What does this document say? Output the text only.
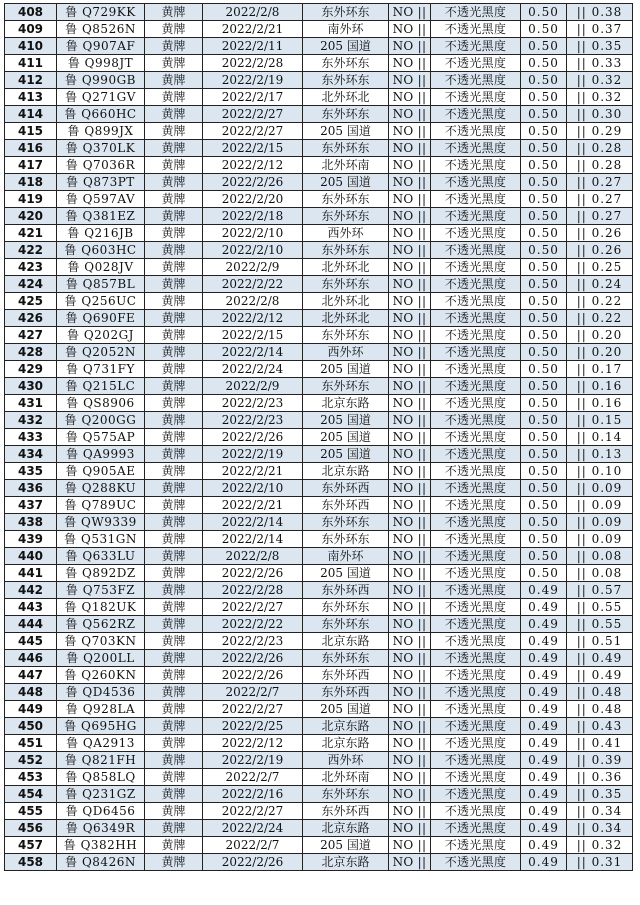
408	鲁 Q729KK	黄牌	2022/2/8	东外环东	NO ||	不透光黑度	0.50	|| 0.38
409	鲁 Q8526N	黄牌	2022/2/21	南外环	NO ||	不透光黑度	0.50	|| 0.37
410	鲁 Q907AF	黄牌	2022/2/11	205 国道	NO ||	不透光黑度	0.50	|| 0.35
411	鲁 Q998JT	黄牌	2022/2/28	东外环东	NO ||	不透光黑度	0.50	|| 0.33
412	鲁 Q990GB	黄牌	2022/2/19	东外环东	NO ||	不透光黑度	0.50	|| 0.32
413	鲁 Q271GV	黄牌	2022/2/17	北外环北	NO ||	不透光黑度	0.50	|| 0.32
414	鲁 Q660HC	黄牌	2022/2/27	东外环东	NO ||	不透光黑度	0.50	|| 0.30
415	鲁 Q899JX	黄牌	2022/2/27	205 国道	NO ||	不透光黑度	0.50	|| 0.29
416	鲁 Q370LK	黄牌	2022/2/15	东外环东	NO ||	不透光黑度	0.50	|| 0.28
417	鲁 Q7036R	黄牌	2022/2/12	北外环南	NO ||	不透光黑度	0.50	|| 0.28
418	鲁 Q873PT	黄牌	2022/2/26	205 国道	NO ||	不透光黑度	0.50	|| 0.27
419	鲁 Q597AV	黄牌	2022/2/20	东外环东	NO ||	不透光黑度	0.50	|| 0.27
420	鲁 Q381EZ	黄牌	2022/2/18	东外环东	NO ||	不透光黑度	0.50	|| 0.27
421	鲁 Q216JB	黄牌	2022/2/10	西外环	NO ||	不透光黑度	0.50	|| 0.26
422	鲁 Q603HC	黄牌	2022/2/10	东外环东	NO ||	不透光黑度	0.50	|| 0.26
423	鲁 Q028JV	黄牌	2022/2/9	北外环北	NO ||	不透光黑度	0.50	|| 0.25
424	鲁 Q857BL	黄牌	2022/2/22	东外环东	NO ||	不透光黑度	0.50	|| 0.24
425	鲁 Q256UC	黄牌	2022/2/8	北外环北	NO ||	不透光黑度	0.50	|| 0.22
426	鲁 Q690FE	黄牌	2022/2/12	北外环北	NO ||	不透光黑度	0.50	|| 0.22
427	鲁 Q202GJ	黄牌	2022/2/15	东外环东	NO ||	不透光黑度	0.50	|| 0.20
428	鲁 Q2052N	黄牌	2022/2/14	西外环	NO ||	不透光黑度	0.50	|| 0.20
429	鲁 Q731FY	黄牌	2022/2/24	205 国道	NO ||	不透光黑度	0.50	|| 0.17
430	鲁 Q215LC	黄牌	2022/2/9	东外环东	NO ||	不透光黑度	0.50	|| 0.16
431	鲁 QS8906	黄牌	2022/2/23	北京东路	NO ||	不透光黑度	0.50	|| 0.16
432	鲁 Q200GG	黄牌	2022/2/23	205 国道	NO ||	不透光黑度	0.50	|| 0.15
433	鲁 Q575AP	黄牌	2022/2/26	205 国道	NO ||	不透光黑度	0.50	|| 0.14
434	鲁 QA9993	黄牌	2022/2/19	205 国道	NO ||	不透光黑度	0.50	|| 0.13
435	鲁 Q905AE	黄牌	2022/2/21	北京东路	NO ||	不透光黑度	0.50	|| 0.10
436	鲁 Q288KU	黄牌	2022/2/10	东外环西	NO ||	不透光黑度	0.50	|| 0.09
437	鲁 Q789UC	黄牌	2022/2/21	东外环西	NO ||	不透光黑度	0.50	|| 0.09
438	鲁 QW9339	黄牌	2022/2/14	东外环东	NO ||	不透光黑度	0.50	|| 0.09
439	鲁 Q531GN	黄牌	2022/2/14	东外环东	NO ||	不透光黑度	0.50	|| 0.09
440	鲁 Q633LU	黄牌	2022/2/8	南外环	NO ||	不透光黑度	0.50	|| 0.08
441	鲁 Q892DZ	黄牌	2022/2/26	205 国道	NO ||	不透光黑度	0.50	|| 0.08
442	鲁 Q753FZ	黄牌	2022/2/28	东外环西	NO ||	不透光黑度	0.49	|| 0.57
443	鲁 Q182UK	黄牌	2022/2/27	东外环东	NO ||	不透光黑度	0.49	|| 0.55
444	鲁 Q562RZ	黄牌	2022/2/22	东外环东	NO ||	不透光黑度	0.49	|| 0.55
445	鲁 Q703KN	黄牌	2022/2/23	北京东路	NO ||	不透光黑度	0.49	|| 0.51
446	鲁 Q200LL	黄牌	2022/2/26	东外环东	NO ||	不透光黑度	0.49	|| 0.49
447	鲁 Q260KN	黄牌	2022/2/26	东外环西	NO ||	不透光黑度	0.49	|| 0.49
448	鲁 QD4536	黄牌	2022/2/7	东外环西	NO ||	不透光黑度	0.49	|| 0.48
449	鲁 Q928LA	黄牌	2022/2/27	205 国道	NO ||	不透光黑度	0.49	|| 0.48
450	鲁 Q695HG	黄牌	2022/2/25	北京东路	NO ||	不透光黑度	0.49	|| 0.43
451	鲁 QA2913	黄牌	2022/2/12	北京东路	NO ||	不透光黑度	0.49	|| 0.41
452	鲁 Q821FH	黄牌	2022/2/19	西外环	NO ||	不透光黑度	0.49	|| 0.39
453	鲁 Q858LQ	黄牌	2022/2/7	北外环南	NO ||	不透光黑度	0.49	|| 0.36
454	鲁 Q231GZ	黄牌	2022/2/16	东外环东	NO ||	不透光黑度	0.49	|| 0.35
455	鲁 QD6456	黄牌	2022/2/27	东外环西	NO ||	不透光黑度	0.49	|| 0.34
456	鲁 Q6349R	黄牌	2022/2/24	北京东路	NO ||	不透光黑度	0.49	|| 0.34
457	鲁 Q382HH	黄牌	2022/2/7	205 国道	NO ||	不透光黑度	0.49	|| 0.32
458	鲁 Q8426N	黄牌	2022/2/26	北京东路	NO ||	不透光黑度	0.49	|| 0.31
